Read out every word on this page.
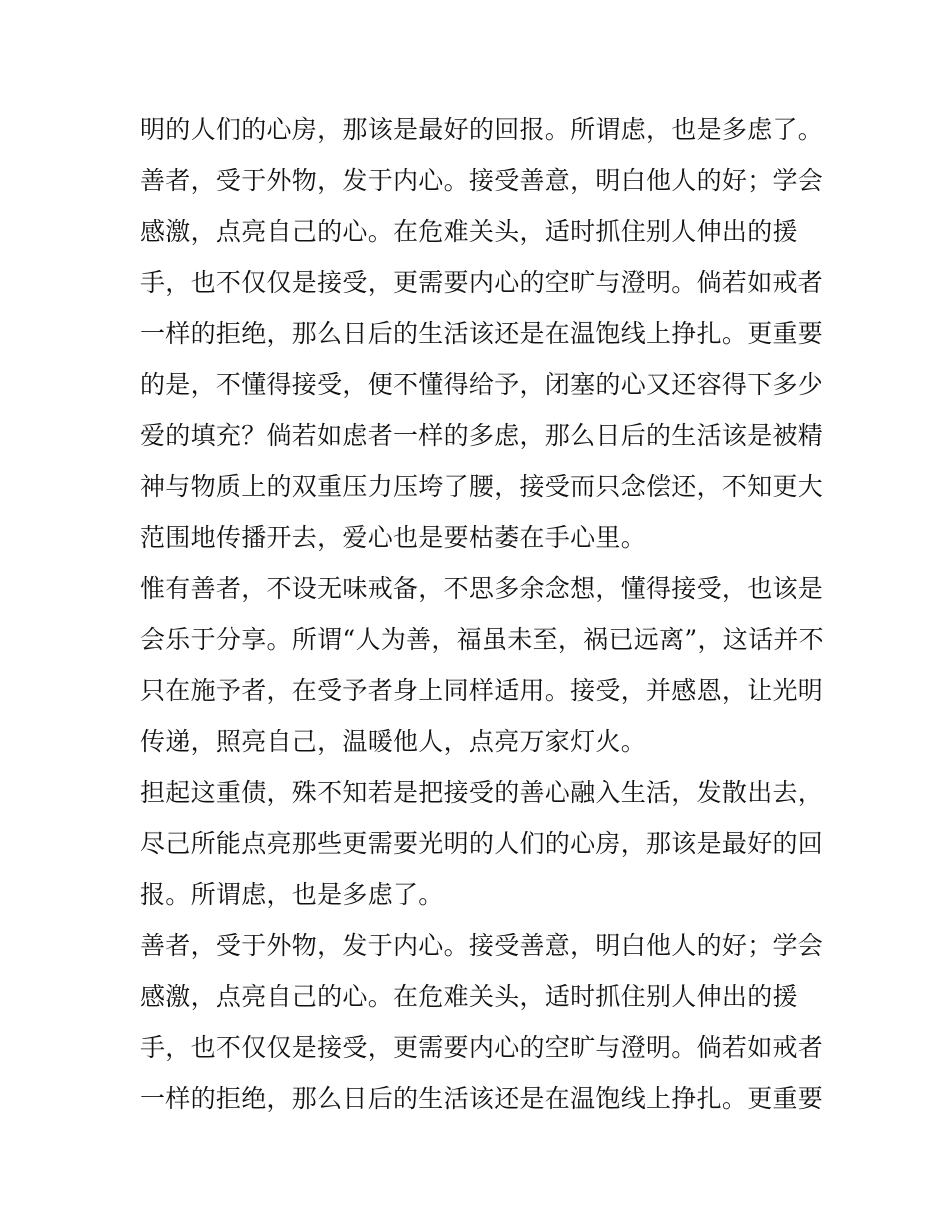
明的人们的心房，那该是最好的回报。所谓虑，也是多虑了。
善者，受于外物，发于内心。接受善意，明白他人的好；学会
感激，点亮自己的心。在危难关头，适时抓住别人伸出的援
手，也不仅仅是接受，更需要内心的空旷与澄明。倘若如戒者
一样的拒绝，那么日后的生活该还是在温饱线上挣扎。更重要
的是，不懂得接受，便不懂得给予，闭塞的心又还容得下多少
爱的填充？倘若如虑者一样的多虑，那么日后的生活该是被精
神与物质上的双重压力压垮了腰，接受而只念偿还，不知更大
范围地传播开去，爱心也是要枯萎在手心里。
惟有善者，不设无味戒备，不思多余念想，懂得接受，也该是
会乐于分享。所谓“人为善，福虽未至，祸已远离”，这话并不
只在施予者，在受予者身上同样适用。接受，并感恩，让光明
传递，照亮自己，温暖他人，点亮万家灯火。
担起这重债，殊不知若是把接受的善心融入生活，发散出去，
尽己所能点亮那些更需要光明的人们的心房，那该是最好的回
报。所谓虑，也是多虑了。
善者，受于外物，发于内心。接受善意，明白他人的好；学会
感激，点亮自己的心。在危难关头，适时抓住别人伸出的援
手，也不仅仅是接受，更需要内心的空旷与澄明。倘若如戒者
一样的拒绝，那么日后的生活该还是在温饱线上挣扎。更重要
